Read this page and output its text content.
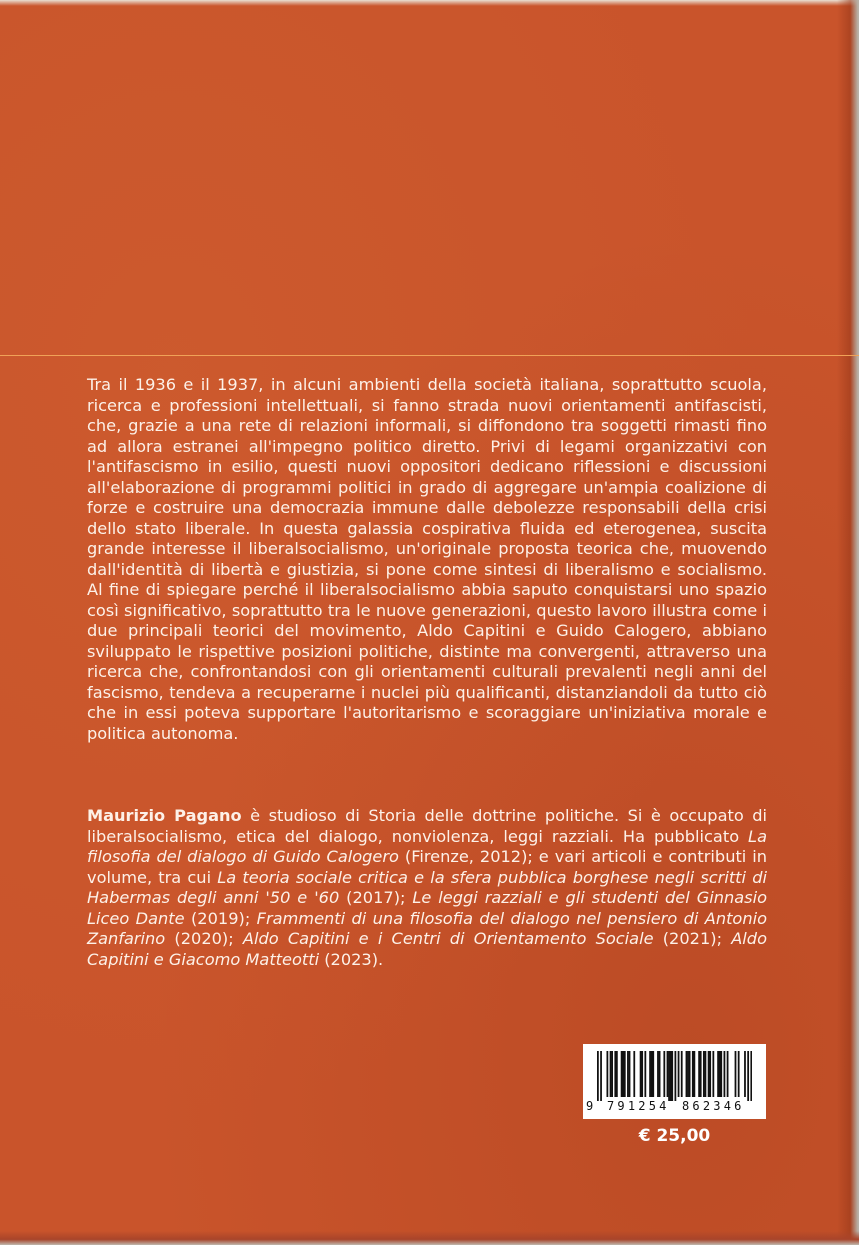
Tra il 1936 e il 1937, in alcuni ambienti della società italiana, soprattutto scuola, ricerca e professioni intellettuali, si fanno strada nuovi orientamenti antifascisti, che, grazie a una rete di relazioni informali, si diffondono tra soggetti rimasti fino ad allora estranei all'impegno politico diretto. Privi di legami organizzativi con l'antifascismo in esilio, questi nuovi oppositori dedicano riflessioni e discussioni all'elaborazione di programmi politici in grado di aggregare un'ampia coalizione di forze e costruire una democrazia immune dalle debolezze responsabili della crisi dello stato liberale. In questa galassia cospirativa fluida ed eterogenea, suscita grande interesse il liberalsocialismo, un'originale proposta teorica che, muovendo dall'identità di libertà e giustizia, si pone come sintesi di liberalismo e socialismo. Al fine di spiegare perché il liberalsocialismo abbia saputo conquistarsi uno spazio così significativo, soprattutto tra le nuove generazioni, questo lavoro illustra come i due principali teorici del movimento, Aldo Capitini e Guido Calogero, abbiano sviluppato le rispettive posizioni politiche, distinte ma convergenti, attraverso una ricerca che, confrontandosi con gli orientamenti culturali prevalenti negli anni del fascismo, tendeva a recuperarne i nuclei più qualificanti, distanziandoli da tutto ciò che in essi poteva supportare l'autoritarismo e scoraggiare un'iniziativa morale e politica autonoma.

Maurizio Pagano è studioso di Storia delle dottrine politiche. Si è occupato di liberalsocialismo, etica del dialogo, nonviolenza, leggi razziali. Ha pubblicato La filosofia del dialogo di Guido Calogero (Firenze, 2012); e vari articoli e contributi in volume, tra cui La teoria sociale critica e la sfera pubblica borghese negli scritti di Habermas degli anni '50 e '60 (2017); Le leggi razziali e gli studenti del Ginnasio Liceo Dante (2019); Frammenti di una filosofia del dialogo nel pensiero di Antonio Zanfarino (2020); Aldo Capitini e i Centri di Orientamento Sociale (2021); Aldo Capitini e Giacomo Matteotti (2023).

9 791254 862346
€ 25,00
